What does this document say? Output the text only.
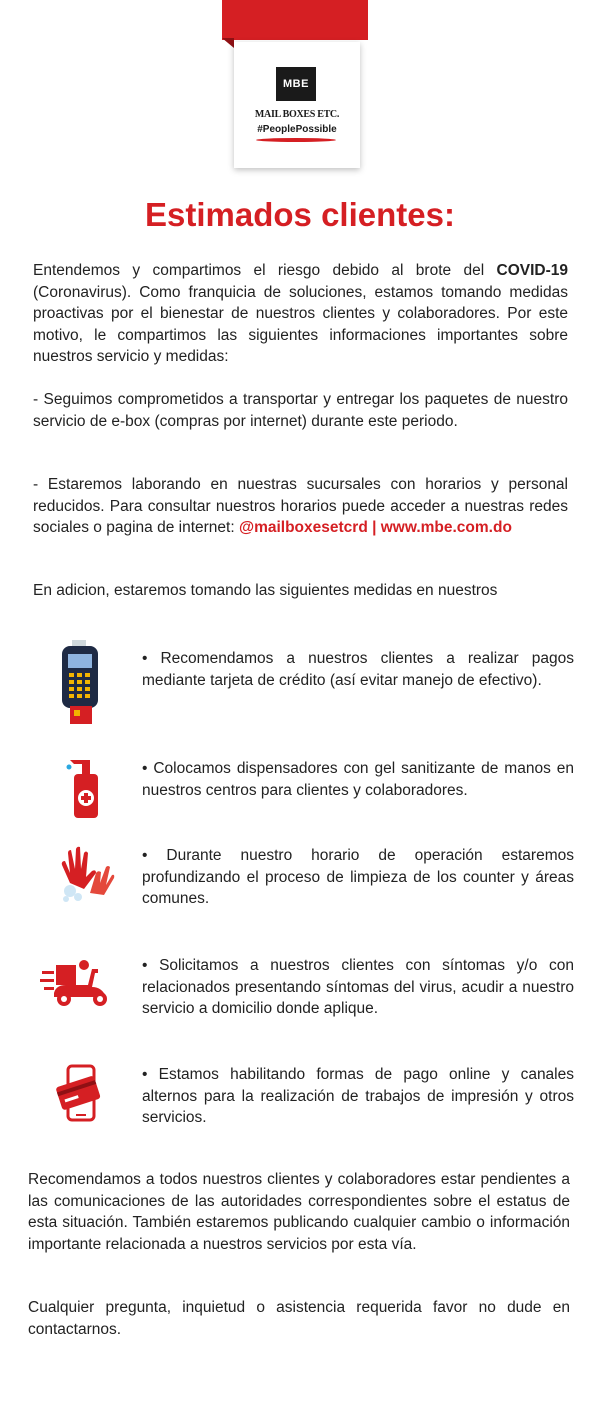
MBE
MAIL BOXES ETC.
#PeoplePossible
Estimados clientes:

Entendemos y compartimos el riesgo debido al brote del COVID-19 (Coronavirus). Como franquicia de soluciones, estamos tomando medidas proactivas por el bienestar de nuestros clientes y colaboradores. Por este motivo, le compartimos las siguientes informaciones importantes sobre nuestros servicio y medidas:

- Seguimos comprometidos a transportar y entregar los paquetes de nuestro servicio de e-box (compras por internet) durante este periodo.

- Estaremos laborando en nuestras sucursales con horarios y personal reducidos. Para consultar nuestros horarios puede acceder a nuestras redes sociales o pagina de internet: @mailboxesetcrd | www.mbe.com.do

En adicion, estaremos tomando las siguientes medidas en nuestros

• Recomendamos a nuestros clientes a realizar pagos mediante tarjeta de crédito (así evitar manejo de efectivo).

• Colocamos dispensadores con gel sanitizante de manos en nuestros centros para clientes y colaboradores.

• Durante nuestro horario de operación estaremos profundizando el proceso de limpieza de los counter y áreas comunes.

• Solicitamos a nuestros clientes con síntomas y/o con relacionados presentando síntomas del virus, acudir a nuestro servicio a domicilio donde aplique.

• Estamos habilitando formas de pago online y canales alternos para la realización de trabajos de impresión y otros servicios.

Recomendamos a todos nuestros clientes y colaboradores estar pendientes a las comunicaciones de las autoridades correspondientes sobre el estatus de esta situación. También estaremos publicando cualquier cambio o información importante relacionada a nuestros servicios por esta vía.

Cualquier pregunta, inquietud o asistencia requerida favor no dude en contactarnos.
